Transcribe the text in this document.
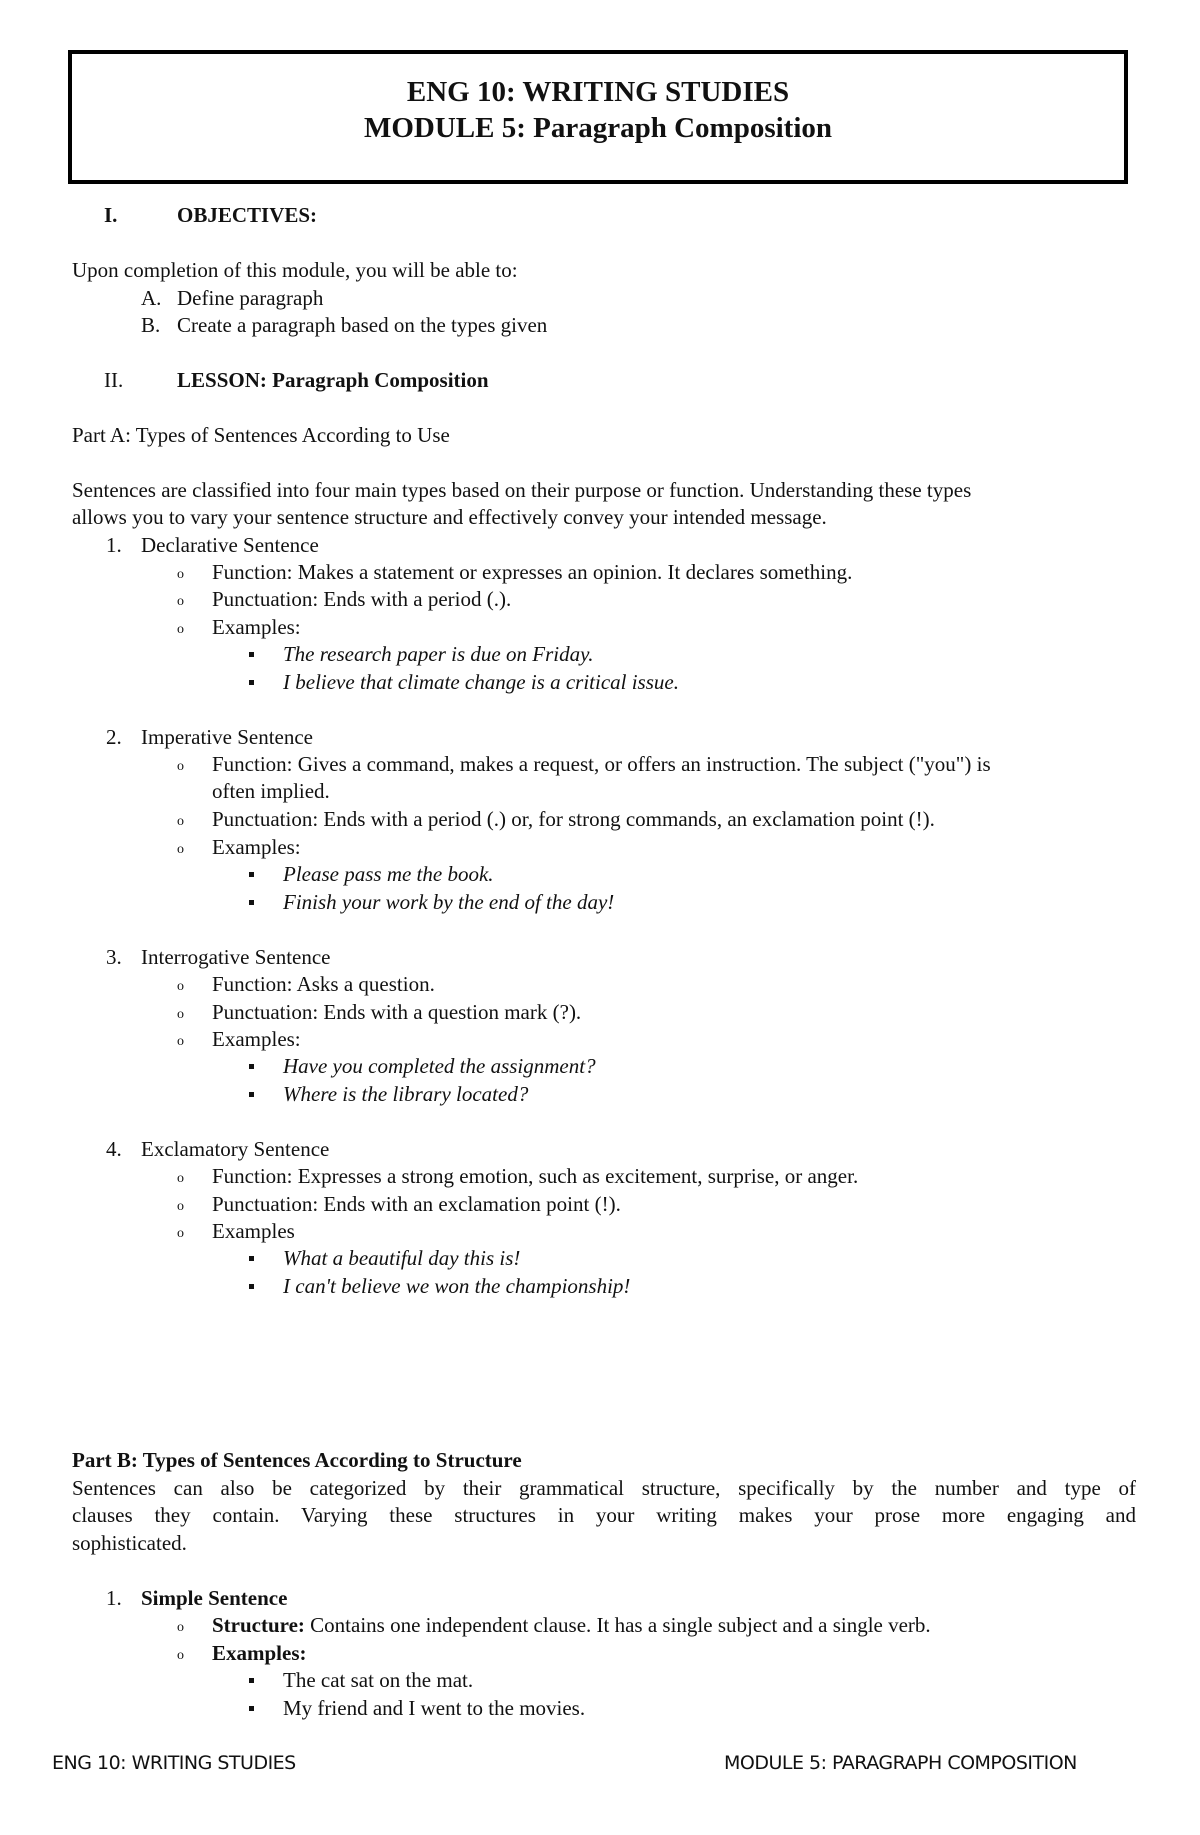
ENG 10: WRITING STUDIES
MODULE 5: Paragraph Composition
I.	OBJECTIVES:
Upon completion of this module, you will be able to:
A. Define paragraph
B. Create a paragraph based on the types given
II.	LESSON: Paragraph Composition
Part A: Types of Sentences According to Use
Sentences are classified into four main types based on their purpose or function. Understanding these types
allows you to vary your sentence structure and effectively convey your intended message.
1. Declarative Sentence
o Function: Makes a statement or expresses an opinion. It declares something.
o Punctuation: Ends with a period (.).
o Examples:
The research paper is due on Friday.
I believe that climate change is a critical issue.
2. Imperative Sentence
o Function: Gives a command, makes a request, or offers an instruction. The subject ("you") is
often implied.
o Punctuation: Ends with a period (.) or, for strong commands, an exclamation point (!).
o Examples:
Please pass me the book.
Finish your work by the end of the day!
3. Interrogative Sentence
o Function: Asks a question.
o Punctuation: Ends with a question mark (?).
o Examples:
Have you completed the assignment?
Where is the library located?
4. Exclamatory Sentence
o Function: Expresses a strong emotion, such as excitement, surprise, or anger.
o Punctuation: Ends with an exclamation point (!).
o Examples
What a beautiful day this is!
I can't believe we won the championship!
Part B: Types of Sentences According to Structure
Sentences can also be categorized by their grammatical structure, specifically by the number and type of
clauses they contain. Varying these structures in your writing makes your prose more engaging and
sophisticated.
1. Simple Sentence
o Structure: Contains one independent clause. It has a single subject and a single verb.
o Examples:
The cat sat on the mat.
My friend and I went to the movies.
ENG 10: WRITING STUDIES	MODULE 5: PARAGRAPH COMPOSITION
